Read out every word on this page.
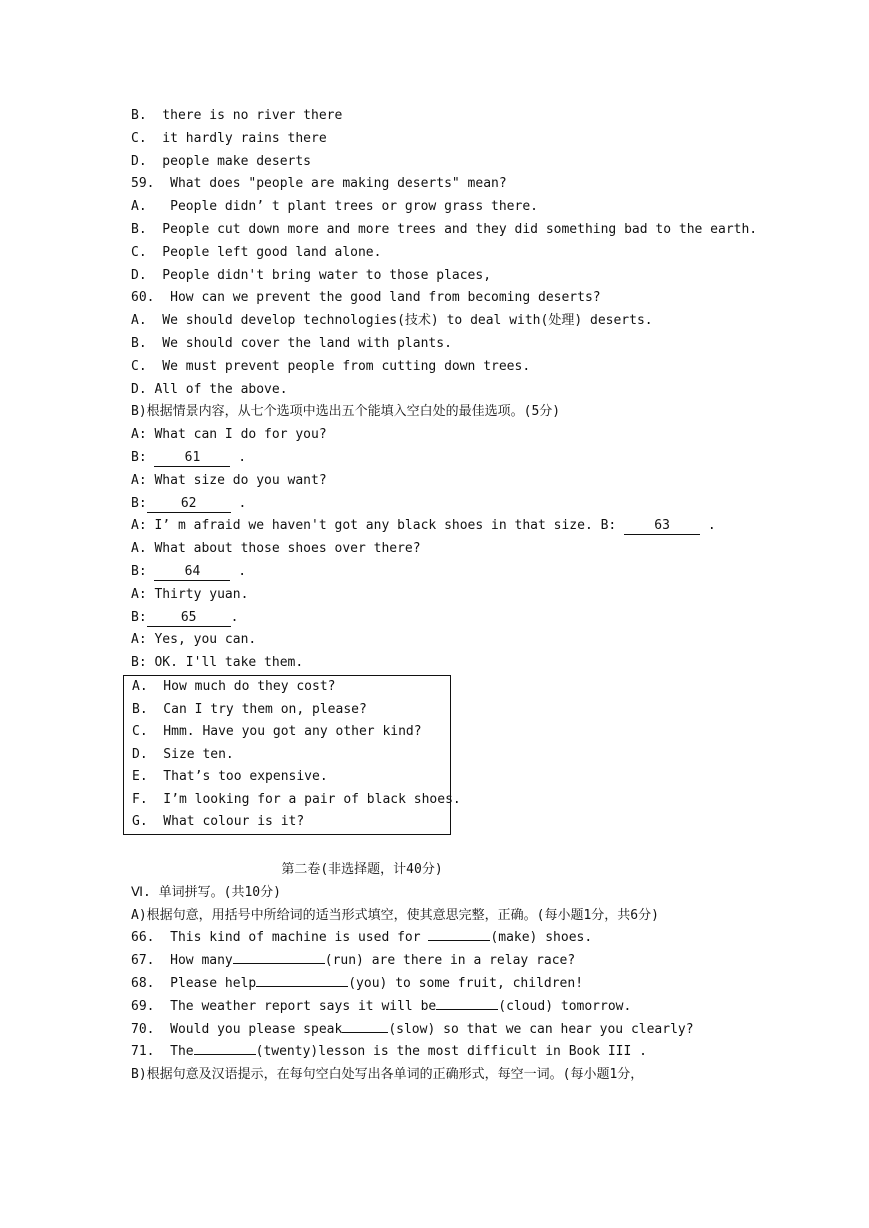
B.  there is no river there
C.  it hardly rains there
D.  people make deserts
59.  What does "people are making deserts" mean?
A.   People didn’ t plant trees or grow grass there.
B.  People cut down more and more trees and they did something bad to the earth.
C.  People left good land alone.
D.  People didn't bring water to those places,
60.  How can we prevent the good land from becoming deserts?
A.  We should develop technologies(技术) to deal with(处理) deserts.
B.  We should cover the land with plants.
C.  We must prevent people from cutting down trees.
D. All of the above.
B)根据情景内容，从七个选项中选出五个能填入空白处的最佳选项。(5分)
A: What can I do for you?
B: 61 .
A: What size do you want?
B:	62	.
A: I’ m afraid we haven't got any black shoes in that size. B: 63 .
A. What about those shoes over there?
B: 64 .
A: Thirty yuan.
B:	65	.
A: Yes, you can.
B: OK. I'll take them.
A.  How much do they cost?
B.  Can I try them on, please?
C.  Hmm. Have you got any other kind?
D.  Size ten.
E.  That’s too expensive.
F.  I’m looking for a pair of black shoes.
G.  What colour is it?
第二卷(非选择题，计40分)
Ⅵ. 单词拼写。(共10分)
A)根据句意，用括号中所给词的适当形式填空，使其意思完整，正确。(每小题1分，共6分)
66.  This kind of machine is used for	(make) shoes.
67.  How many	(run) are there in a relay race?
68.  Please help	(you) to some fruit, children!
69.  The weather report says it will be	(cloud) tomorrow.
70.  Would you please speak	(slow) so that we can hear you clearly?
71.  The	(twenty)lesson is the most difficult in Book III .
B)根据句意及汉语提示，在每句空白处写出各单词的正确形式，每空一词。(每小题1分，
